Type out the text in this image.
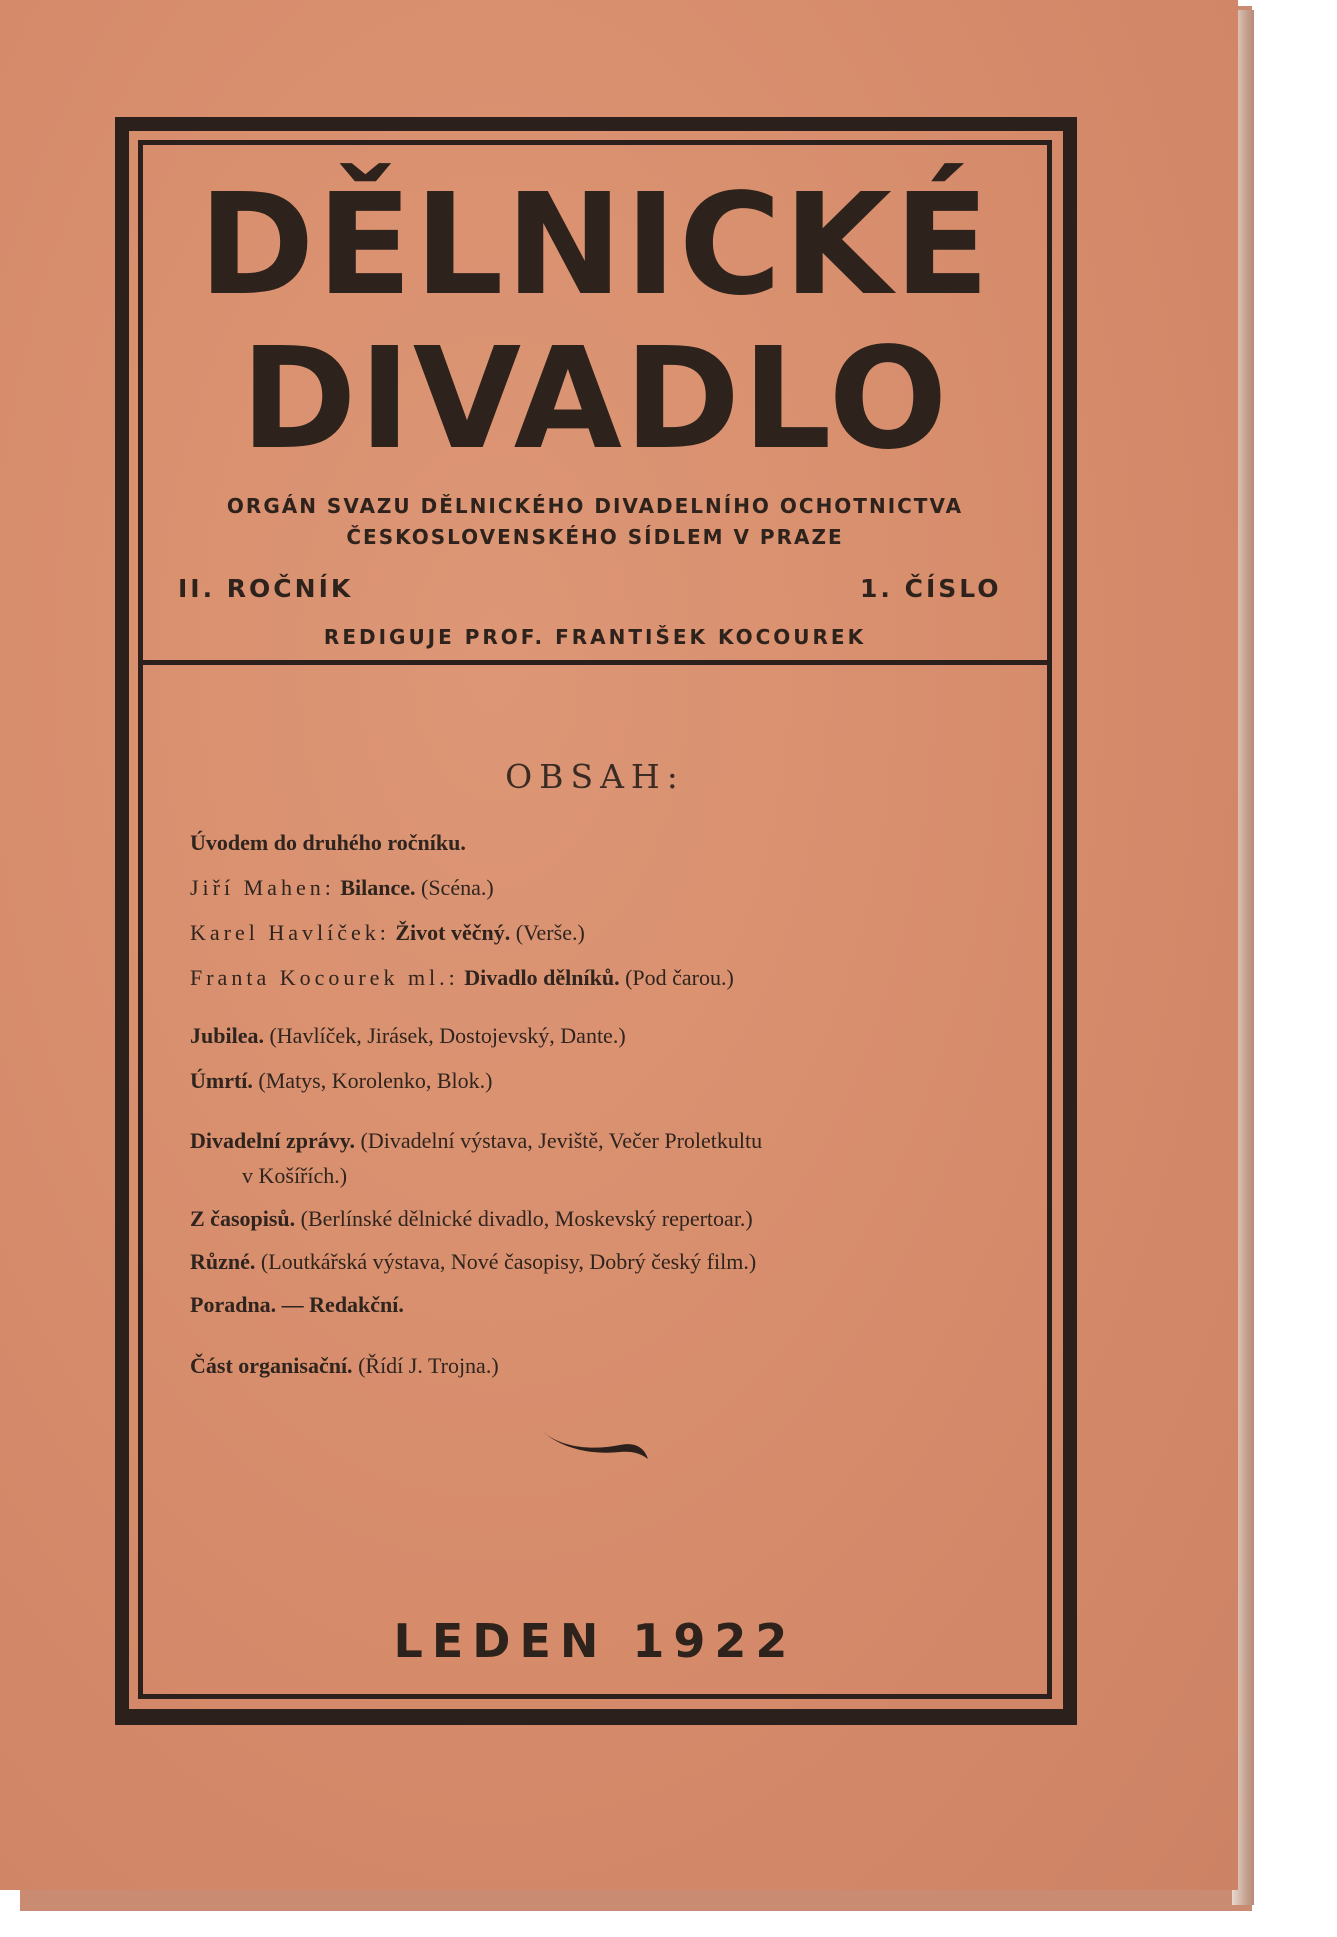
DĚLNICKÉ
DIVADLO
ORGÁN SVAZU DĚLNICKÉHO DIVADELNÍHO OCHOTNICTVA
ČESKOSLOVENSKÉHO SÍDLEM V PRAZE
II. ROČNÍK	1. ČÍSLO
REDIGUJE PROF. FRANTIŠEK KOCOUREK
OBSAH:
Úvodem do druhého ročníku.
Jiří Mahen: Bilance. (Scéna.)
Karel Havlíček: Život věčný. (Verše.)
Franta Kocourek ml.: Divadlo dělníků. (Pod čarou.)
Jubilea. (Havlíček, Jirásek, Dostojevský, Dante.)
Úmrtí. (Matys, Korolenko, Blok.)
Divadelní zprávy. (Divadelní výstava, Jeviště, Večer Proletkultu
v Košířích.)
Z časopisů. (Berlínské dělnické divadlo, Moskevský repertoar.)
Různé. (Loutkářská výstava, Nové časopisy, Dobrý český film.)
Poradna. — Redakční.
Část organisační. (Řídí J. Trojna.)
LEDEN 1922
